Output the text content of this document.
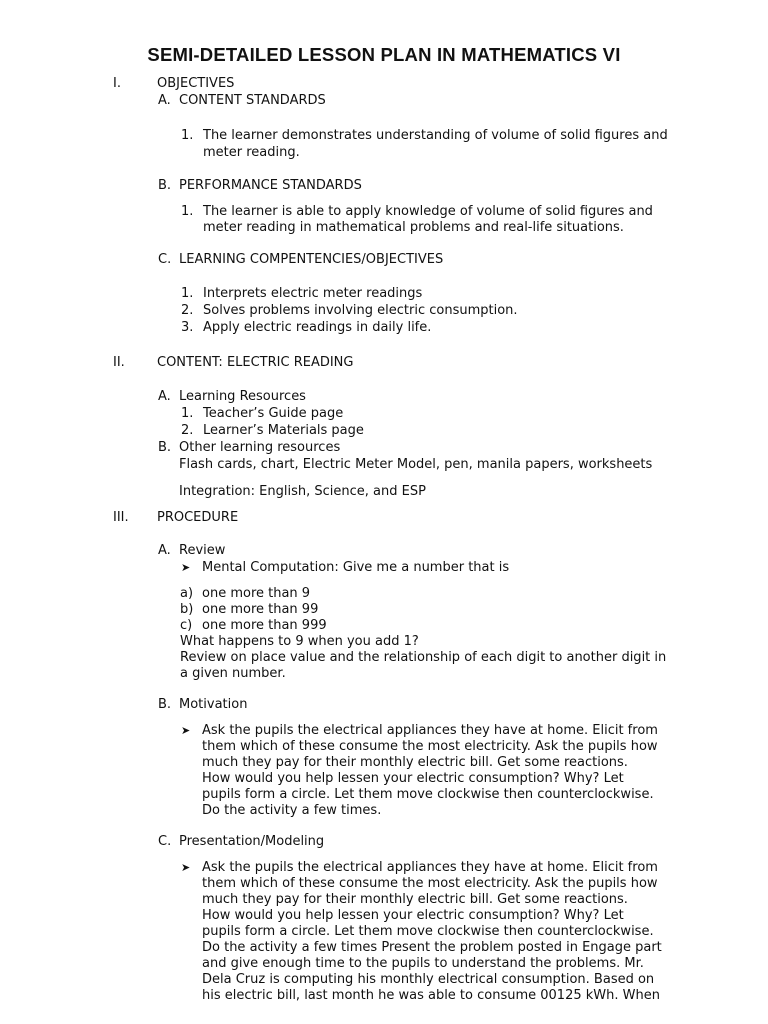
SEMI-DETAILED LESSON PLAN IN MATHEMATICS VI
I.	OBJECTIVES
A. CONTENT STANDARDS
1. The learner demonstrates understanding of volume of solid figures and
meter reading.
B. PERFORMANCE STANDARDS
1. The learner is able to apply knowledge of volume of solid figures and
meter reading in mathematical problems and real-life situations.
C. LEARNING COMPENTENCIES/OBJECTIVES
1. Interprets electric meter readings
2. Solves problems involving electric consumption.
3. Apply electric readings in daily life.
II. CONTENT: ELECTRIC READING
A. Learning Resources
1. Teacher’s Guide page
2. Learner’s Materials page
B. Other learning resources
Flash cards, chart, Electric Meter Model, pen, manila papers, worksheets
Integration: English, Science, and ESP
III. PROCEDURE
A. Review
➤ Mental Computation: Give me a number that is
a) one more than 9
b) one more than 99
c) one more than 999
What happens to 9 when you add 1?
Review on place value and the relationship of each digit to another digit in
a given number.
B. Motivation
➤ Ask the pupils the electrical appliances they have at home. Elicit from
them which of these consume the most electricity. Ask the pupils how
much they pay for their monthly electric bill. Get some reactions.
How would you help lessen your electric consumption? Why? Let
pupils form a circle. Let them move clockwise then counterclockwise.
Do the activity a few times.
C. Presentation/Modeling
➤ Ask the pupils the electrical appliances they have at home. Elicit from
them which of these consume the most electricity. Ask the pupils how
much they pay for their monthly electric bill. Get some reactions.
How would you help lessen your electric consumption? Why? Let
pupils form a circle. Let them move clockwise then counterclockwise.
Do the activity a few times Present the problem posted in Engage part
and give enough time to the pupils to understand the problems. Mr.
Dela Cruz is computing his monthly electrical consumption. Based on
his electric bill, last month he was able to consume 00125 kWh. When
